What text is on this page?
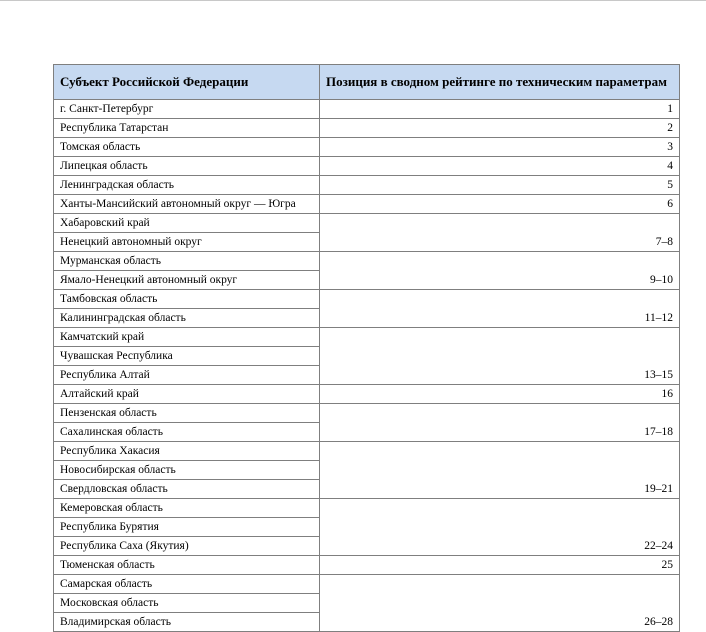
Субъект Российской Федерации	Позиция в сводном рейтинге по техническим параметрам
г. Санкт-Петербург	1
Республика Татарстан	2
Томская область	3
Липецкая область	4
Ленинградская область	5
Ханты-Мансийский автономный округ — Югра	6
Хабаровский край	7–8
Ненецкий автономный округ	
Мурманская область	9–10
Ямало-Ненецкий автономный округ	
Тамбовская область	11–12
Калининградская область	
Камчатский край	13–15
Чувашская Республика	
Республика Алтай	
Алтайский край	16
Пензенская область	17–18
Сахалинская область	
Республика Хакасия	19–21
Новосибирская область	
Свердловская область	
Кемеровская область	22–24
Республика Бурятия	
Республика Саха (Якутия)	
Тюменская область	25
Самарская область	26–28
Московская область	
Владимирская область	
